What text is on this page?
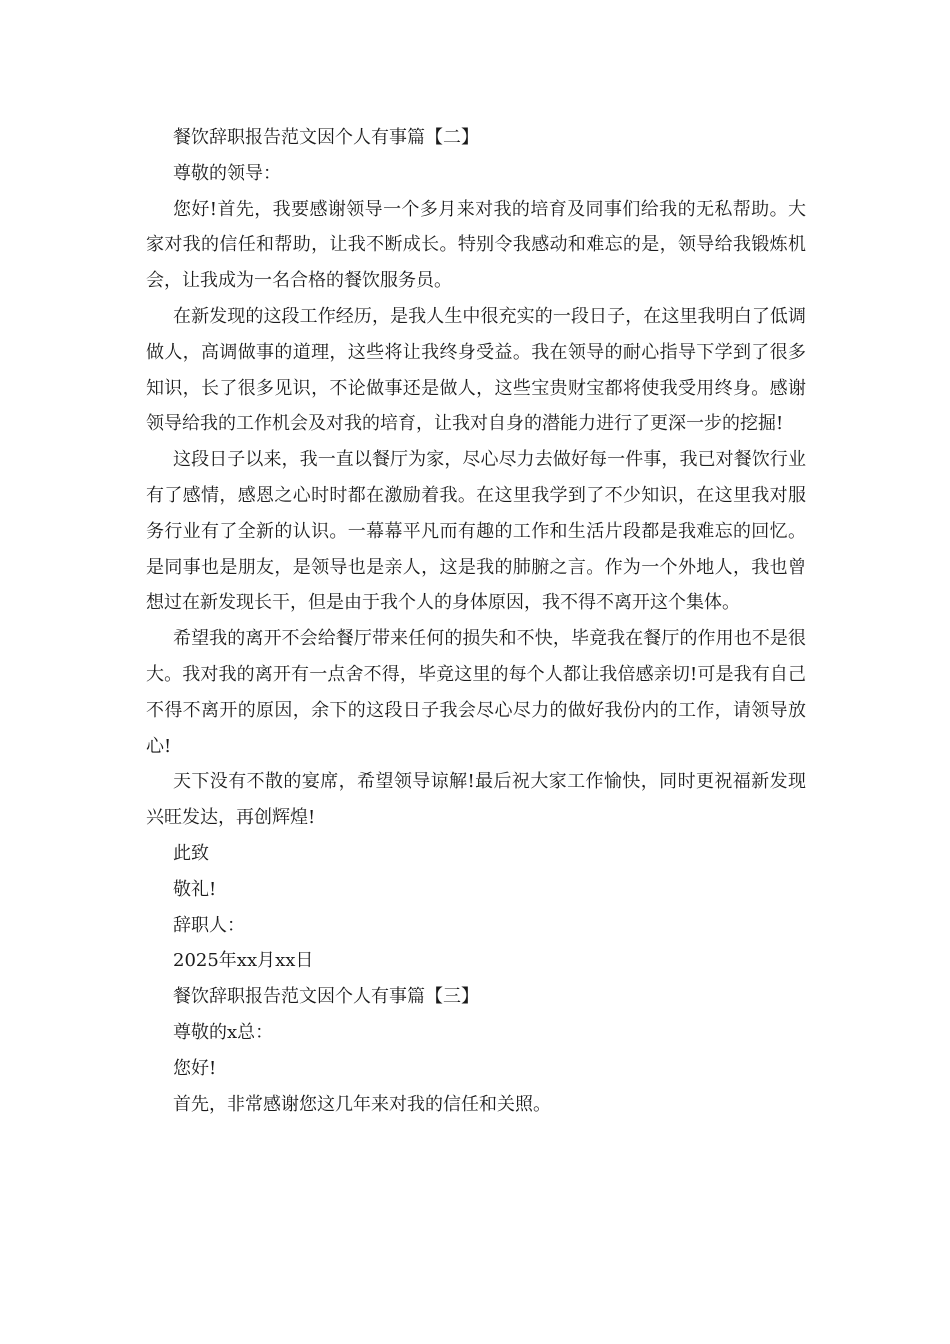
餐饮辞职报告范文因个人有事篇【二】

尊敬的领导：

您好!首先，我要感谢领导一个多月来对我的培育及同事们给我的无私帮助。大家对我的信任和帮助，让我不断成长。特别令我感动和难忘的是，领导给我锻炼机会，让我成为一名合格的餐饮服务员。

在新发现的这段工作经历，是我人生中很充实的一段日子，在这里我明白了低调做人，高调做事的道理，这些将让我终身受益。我在领导的耐心指导下学到了很多知识，长了很多见识，不论做事还是做人，这些宝贵财宝都将使我受用终身。感谢领导给我的工作机会及对我的培育，让我对自身的潜能力进行了更深一步的挖掘!

这段日子以来，我一直以餐厅为家，尽心尽力去做好每一件事，我已对餐饮行业有了感情，感恩之心时时都在激励着我。在这里我学到了不少知识，在这里我对服务行业有了全新的认识。一幕幕平凡而有趣的工作和生活片段都是我难忘的回忆。是同事也是朋友，是领导也是亲人，这是我的肺腑之言。作为一个外地人，我也曾想过在新发现长干，但是由于我个人的身体原因，我不得不离开这个集体。

希望我的离开不会给餐厅带来任何的损失和不快，毕竟我在餐厅的作用也不是很大。我对我的离开有一点舍不得，毕竟这里的每个人都让我倍感亲切!可是我有自己不得不离开的原因，余下的这段日子我会尽心尽力的做好我份内的工作，请领导放心!

天下没有不散的宴席，希望领导谅解!最后祝大家工作愉快，同时更祝福新发现兴旺发达，再创辉煌!

此致

敬礼!

辞职人：

2025年xx月xx日

餐饮辞职报告范文因个人有事篇【三】

尊敬的x总：

您好!

首先，非常感谢您这几年来对我的信任和关照。
